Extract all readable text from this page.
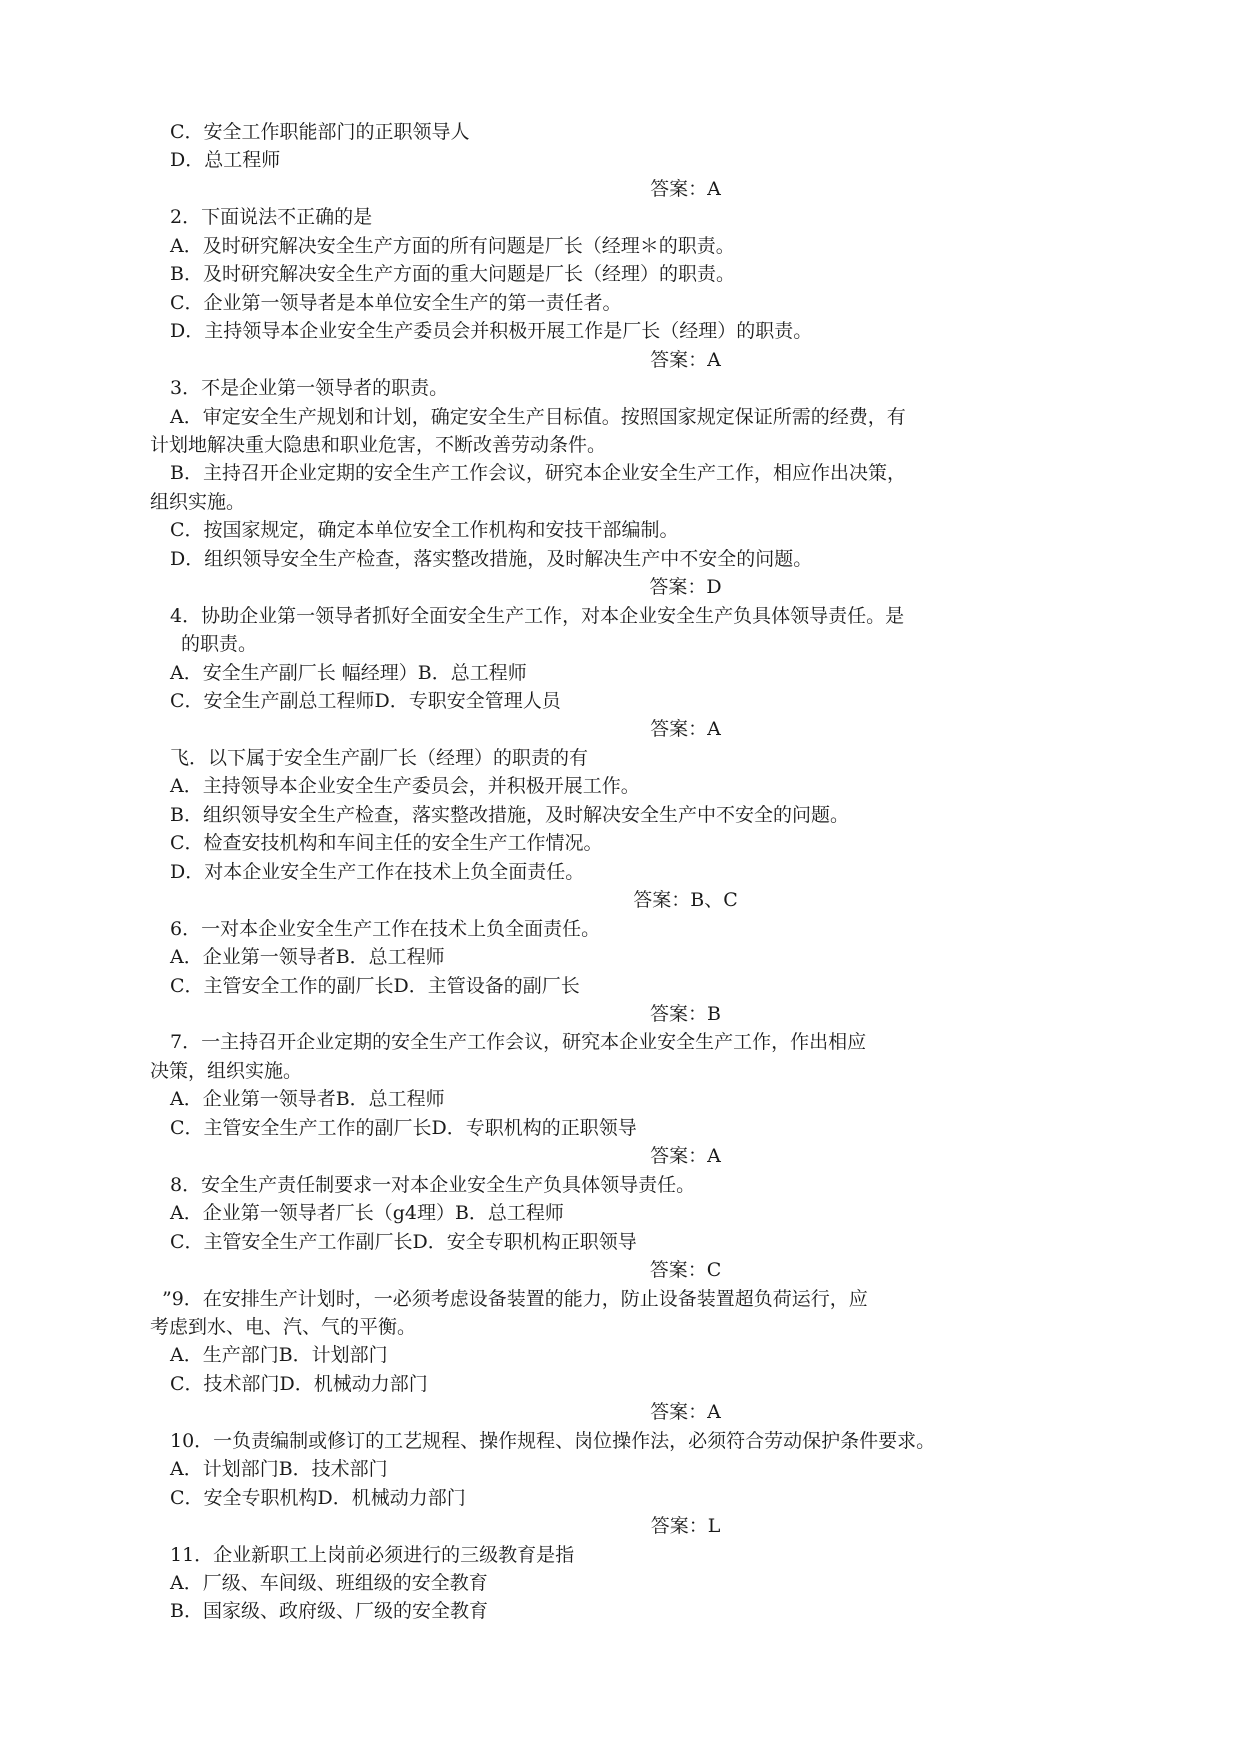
C．安全工作职能部门的正职领导人
D．总工程师
答案：A
2．下面说法不正确的是
A．及时研究解决安全生产方面的所有问题是厂长（经理＊的职责。
B．及时研究解决安全生产方面的重大问题是厂长（经理）的职责。
C．企业第一领导者是本单位安全生产的第一责任者。
D．主持领导本企业安全生产委员会并积极开展工作是厂长（经理）的职责。
答案：A
3．不是企业第一领导者的职责。
A．审定安全生产规划和计划，确定安全生产目标值。按照国家规定保证所需的经费，有
计划地解决重大隐患和职业危害，不断改善劳动条件。
B．主持召开企业定期的安全生产工作会议，研究本企业安全生产工作，相应作出决策，
组织实施。
C．按国家规定，确定本单位安全工作机构和安技干部编制。
D．组织领导安全生产检查，落实整改措施，及时解决生产中不安全的问题。
答案：D
4．协助企业第一领导者抓好全面安全生产工作，对本企业安全生产负具体领导责任。是
的职责。
A．安全生产副厂长 幅经理）B．总工程师
C．安全生产副总工程师D．专职安全管理人员
答案：A
飞．以下属于安全生产副厂长（经理）的职责的有
A．主持领导本企业安全生产委员会，并积极开展工作。
B．组织领导安全生产检查，落实整改措施，及时解决安全生产中不安全的问题。
C．检查安技机构和车间主任的安全生产工作情况。
D．对本企业安全生产工作在技术上负全面责任。
答案：B、C
6．一对本企业安全生产工作在技术上负全面责任。
A．企业第一领导者B．总工程师
C．主管安全工作的副厂长D．主管设备的副厂长
答案：B
7．一主持召开企业定期的安全生产工作会议，研究本企业安全生产工作，作出相应
决策，组织实施。
A．企业第一领导者B．总工程师
C．主管安全生产工作的副厂长D．专职机构的正职领导
答案：A
8．安全生产责任制要求一对本企业安全生产负具体领导责任。
A．企业第一领导者厂长（g4理）B．总工程师
C．主管安全生产工作副厂长D．安全专职机构正职领导
答案：C
”9．在安排生产计划时，一必须考虑设备装置的能力，防止设备装置超负荷运行，应
考虑到水、电、汽、气的平衡。
A．生产部门B．计划部门
C．技术部门D．机械动力部门
答案：A
10．一负责编制或修订的工艺规程、操作规程、岗位操作法，必须符合劳动保护条件要求。
A．计划部门B．技术部门
C．安全专职机构D．机械动力部门
答案：L
11．企业新职工上岗前必须进行的三级教育是指
A．厂级、车间级、班组级的安全教育
B．国家级、政府级、厂级的安全教育
